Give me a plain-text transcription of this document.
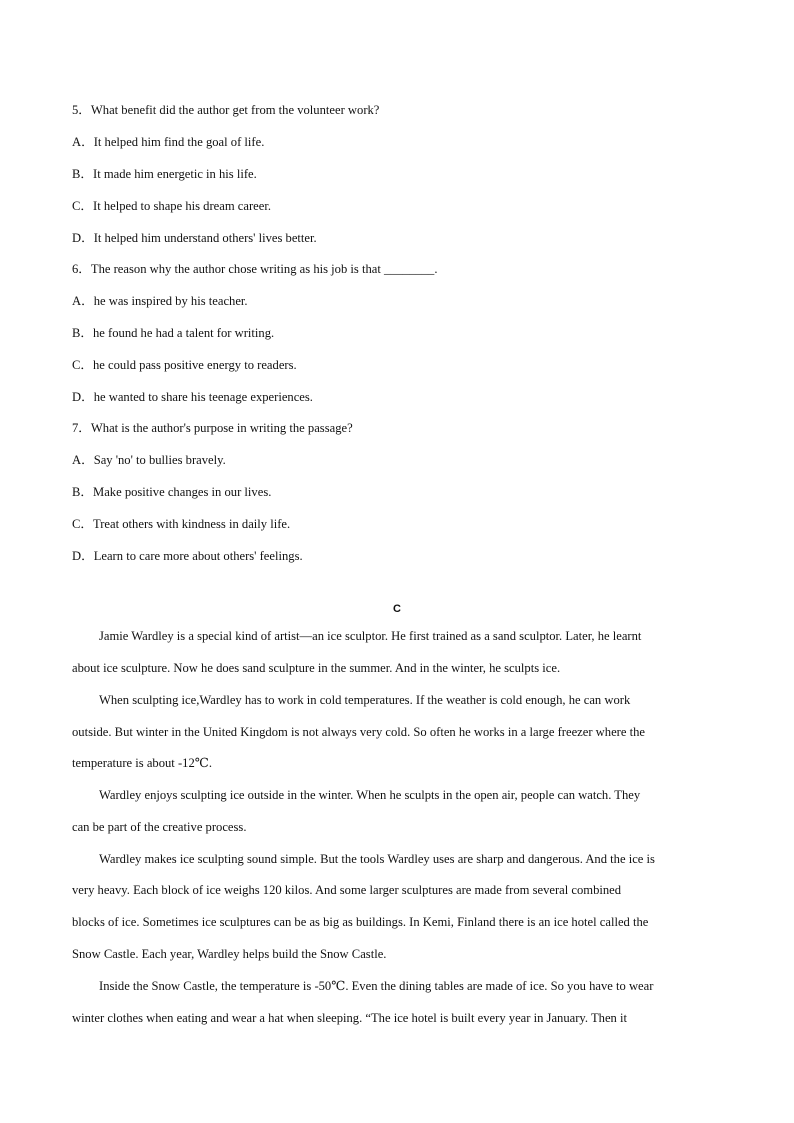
5．What benefit did the author get from the volunteer work?
A．It helped him find the goal of life.
B．It made him energetic in his life.
C．It helped to shape his dream career.
D．It helped him understand others' lives better.
6．The reason why the author chose writing as his job is that ________.
A．he was inspired by his teacher.
B．he found he had a talent for writing.
C．he could pass positive energy to readers.
D．he wanted to share his teenage experiences.
7．What is the author's purpose in writing the passage?
A．Say 'no' to bullies bravely.
B．Make positive changes in our lives.
C．Treat others with kindness in daily life.
D．Learn to care more about others' feelings.
C
Jamie Wardley is a special kind of artist—an ice sculptor. He first trained as a sand sculptor. Later, he learnt
about ice sculpture. Now he does sand sculpture in the summer. And in the winter, he sculpts ice.
When sculpting ice,Wardley has to work in cold temperatures. If the weather is cold enough, he can work
outside. But winter in the United Kingdom is not always very cold. So often he works in a large freezer where the
temperature is about -12℃.
Wardley enjoys sculpting ice outside in the winter. When he sculpts in the open air, people can watch. They
can be part of the creative process.
Wardley makes ice sculpting sound simple. But the tools Wardley uses are sharp and dangerous. And the ice is
very heavy. Each block of ice weighs 120 kilos. And some larger sculptures are made from several combined
blocks of ice. Sometimes ice sculptures can be as big as buildings. In Kemi, Finland there is an ice hotel called the
Snow Castle. Each year, Wardley helps build the Snow Castle.
Inside the Snow Castle, the temperature is -50℃. Even the dining tables are made of ice. So you have to wear
winter clothes when eating and wear a hat when sleeping. “The ice hotel is built every year in January. Then it
